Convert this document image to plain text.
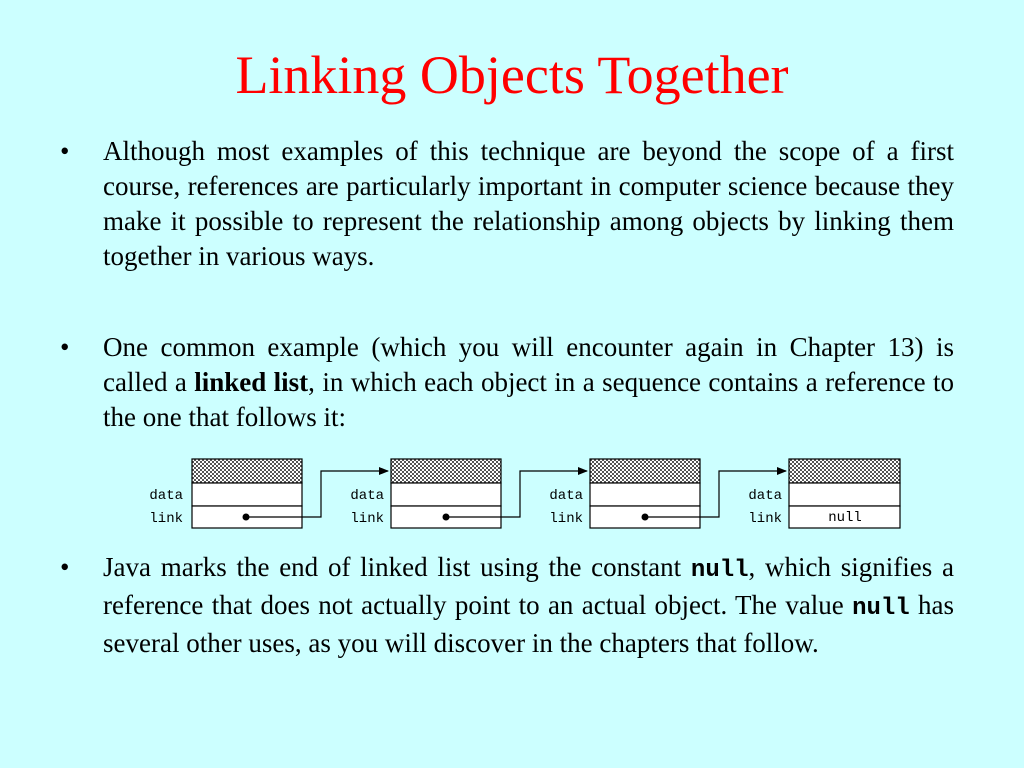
Linking Objects Together
•	Although most examples of this technique are beyond the scope of a first course, references are particularly important in computer science because they make it possible to represent the relationship among objects by linking them together in various ways.
•	One common example (which you will encounter again in Chapter 13) is called a linked list, in which each object in a sequence contains a reference to the one that follows it:
data
link
data
link
data
link
data
link	null
•	Java marks the end of linked list using the constant null, which signifies a reference that does not actually point to an actual object. The value null has several other uses, as you will discover in the chapters that follow.
